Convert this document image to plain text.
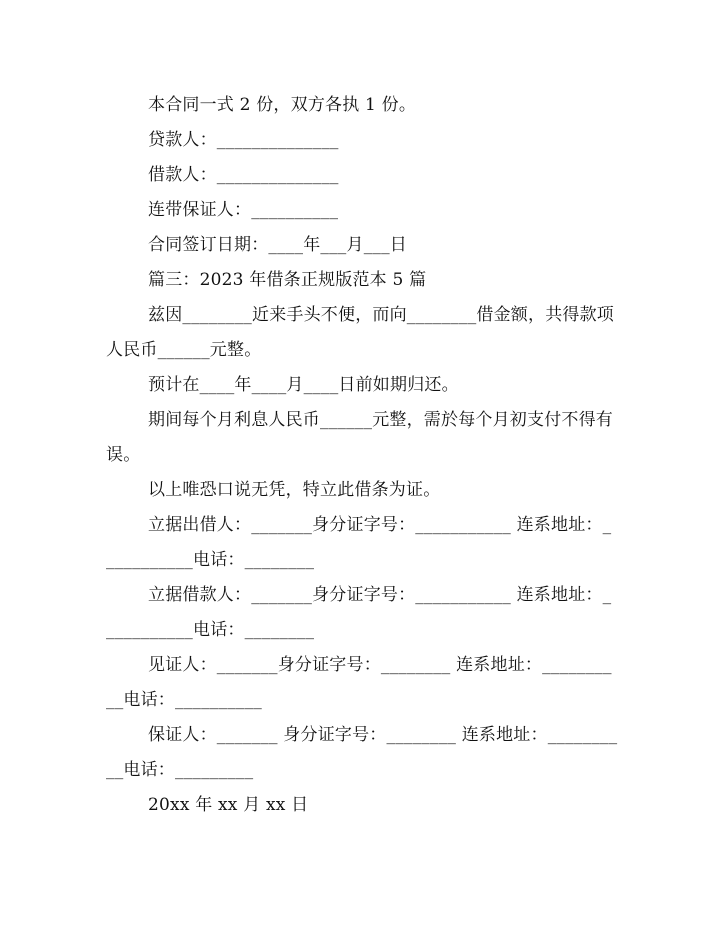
本合同一式 2 份，双方各执 1 份。

贷款人：______________

借款人：______________

连带保证人：__________

合同签订日期：____年___月___日

篇三：2023 年借条正规版范本 5 篇

兹因________近来手头不便，而向________借金额，共得款项人民币______元整。

预计在____年____月____日前如期归还。

期间每个月利息人民币______元整，需於每个月初支付不得有误。

以上唯恐口说无凭，特立此借条为证。

立据出借人：_______身分证字号：___________ 连系地址：___________电话：________

立据借款人：_______身分证字号：___________ 连系地址：___________电话：________

见证人：_______身分证字号：________ 连系地址：__________电话：__________

保证人：_______ 身分证字号：________ 连系地址：__________电话：_________

20xx 年 xx 月 xx 日
